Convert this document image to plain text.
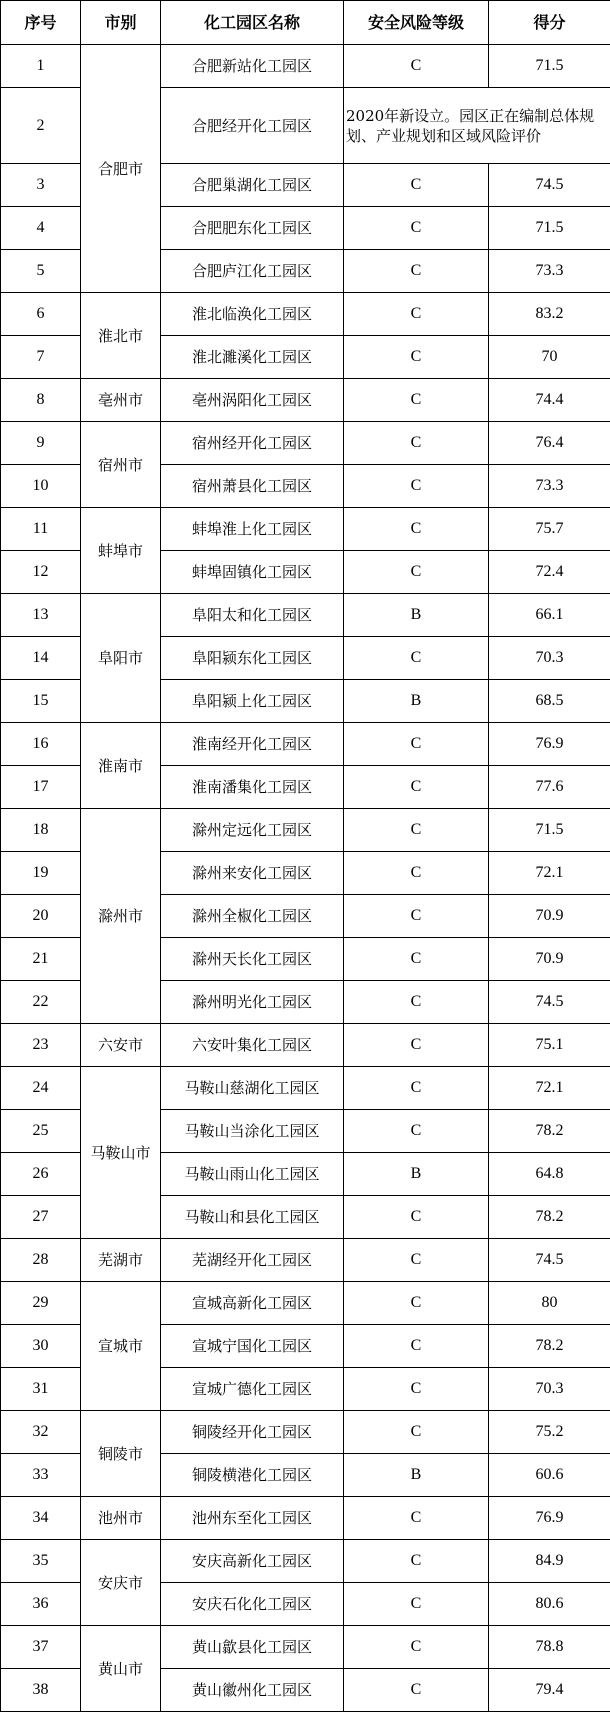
序号	市别	化工园区名称	安全风险等级	得分
1	合肥市	合肥新站化工园区	C	71.5
2		合肥经开化工园区	2020年新设立。园区正在编制总体规划、产业规划和区域风险评价	
3		合肥巢湖化工园区	C	74.5
4		合肥肥东化工园区	C	71.5
5		合肥庐江化工园区	C	73.3
6	淮北市	淮北临涣化工园区	C	83.2
7		淮北濉溪化工园区	C	70
8	亳州市	亳州涡阳化工园区	C	74.4
9	宿州市	宿州经开化工园区	C	76.4
10		宿州萧县化工园区	C	73.3
11	蚌埠市	蚌埠淮上化工园区	C	75.7
12		蚌埠固镇化工园区	C	72.4
13	阜阳市	阜阳太和化工园区	B	66.1
14		阜阳颍东化工园区	C	70.3
15		阜阳颍上化工园区	B	68.5
16	淮南市	淮南经开化工园区	C	76.9
17		淮南潘集化工园区	C	77.6
18	滁州市	滁州定远化工园区	C	71.5
19		滁州来安化工园区	C	72.1
20		滁州全椒化工园区	C	70.9
21		滁州天长化工园区	C	70.9
22		滁州明光化工园区	C	74.5
23	六安市	六安叶集化工园区	C	75.1
24	马鞍山市	马鞍山慈湖化工园区	C	72.1
25		马鞍山当涂化工园区	C	78.2
26		马鞍山雨山化工园区	B	64.8
27		马鞍山和县化工园区	C	78.2
28	芜湖市	芜湖经开化工园区	C	74.5
29	宣城市	宣城高新化工园区	C	80
30		宣城宁国化工园区	C	78.2
31		宣城广德化工园区	C	70.3
32	铜陵市	铜陵经开化工园区	C	75.2
33		铜陵横港化工园区	B	60.6
34	池州市	池州东至化工园区	C	76.9
35	安庆市	安庆高新化工园区	C	84.9
36		安庆石化化工园区	C	80.6
37	黄山市	黄山歙县化工园区	C	78.8
38		黄山徽州化工园区	C	79.4
